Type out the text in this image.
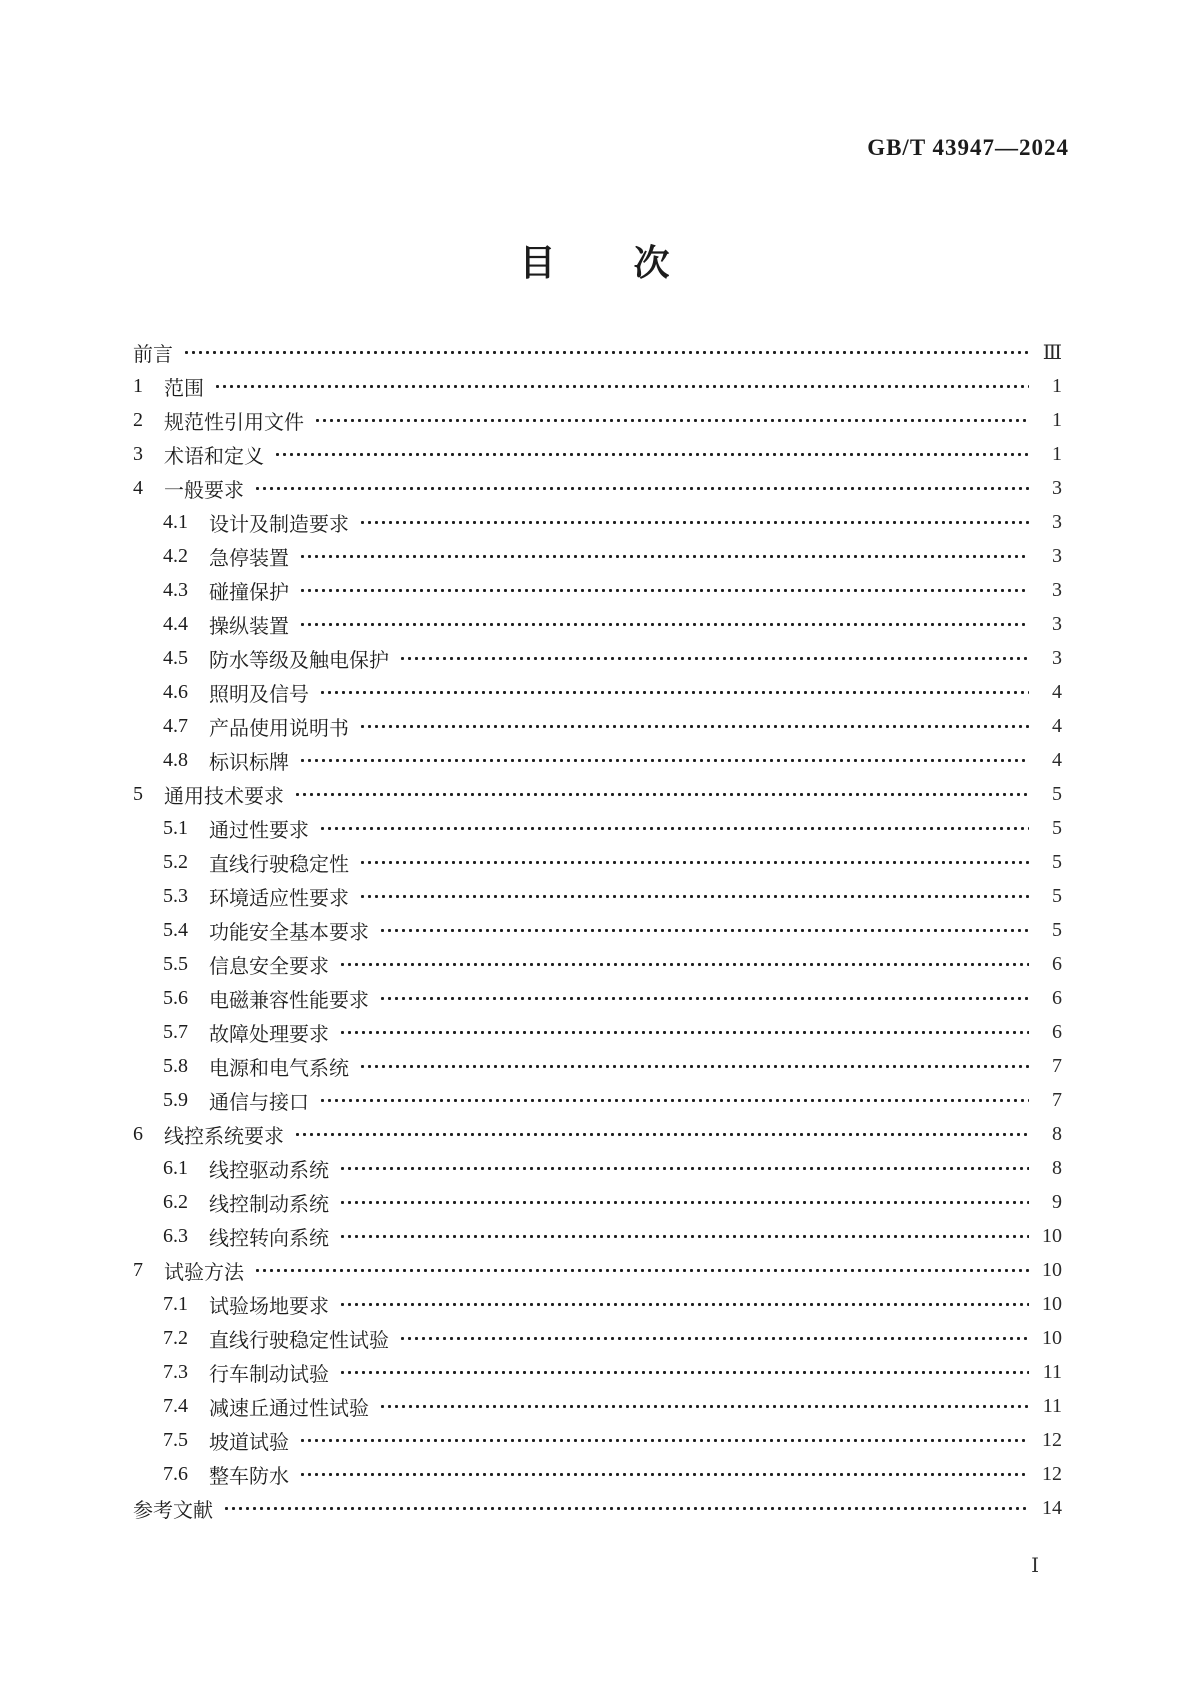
GB/T 43947—2024
目　　次
前言	Ⅲ
1 范围	1
2 规范性引用文件	1
3 术语和定义	1
4 一般要求	3
4.1 设计及制造要求	3
4.2 急停装置	3
4.3 碰撞保护	3
4.4 操纵装置	3
4.5 防水等级及触电保护	3
4.6 照明及信号	4
4.7 产品使用说明书	4
4.8 标识标牌	4
5 通用技术要求	5
5.1 通过性要求	5
5.2 直线行驶稳定性	5
5.3 环境适应性要求	5
5.4 功能安全基本要求	5
5.5 信息安全要求	6
5.6 电磁兼容性能要求	6
5.7 故障处理要求	6
5.8 电源和电气系统	7
5.9 通信与接口	7
6 线控系统要求	8
6.1 线控驱动系统	8
6.2 线控制动系统	9
6.3 线控转向系统	10
7 试验方法	10
7.1 试验场地要求	10
7.2 直线行驶稳定性试验	10
7.3 行车制动试验	11
7.4 减速丘通过性试验	11
7.5 坡道试验	12
7.6 整车防水	12
参考文献	14
Ⅰ
